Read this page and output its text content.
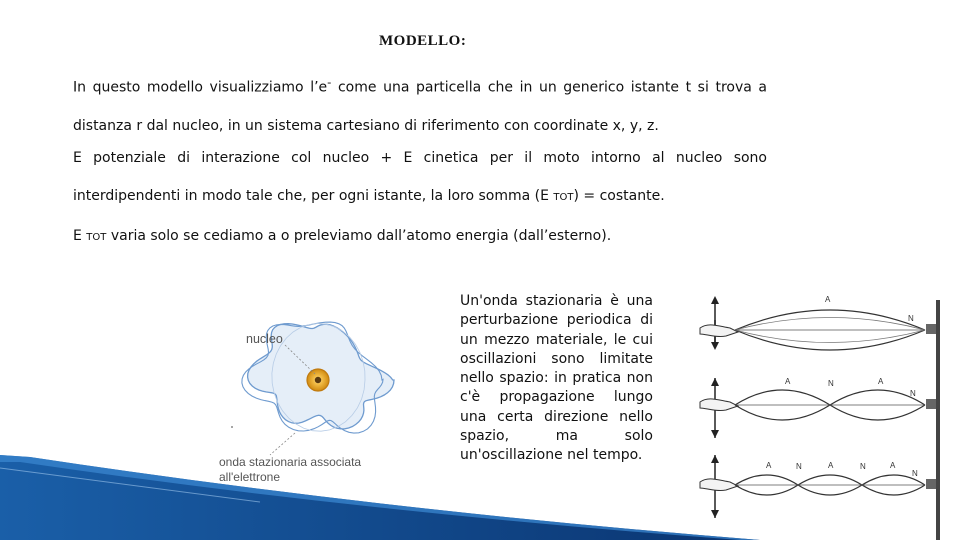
MODELLO:
In questo modello visualizziamo l’e- come una particella che in un generico istante t si trova a distanza r dal nucleo, in un sistema cartesiano di riferimento con coordinate x, y, z.
E potenziale di interazione col nucleo + E cinetica per il moto intorno al nucleo sono interdipendenti in modo tale che, per ogni istante, la loro somma (E TOT) = costante.
E TOT varia solo se cediamo a o preleviamo dall’atomo energia (dall’esterno).
Un'onda stazionaria è una perturbazione periodica di un mezzo materiale, le cui oscillazioni sono limitate nello spazio: in pratica non c'è propagazione lungo una certa direzione nello spazio, ma solo un'oscillazione nel tempo.
nucleo
onda stazionaria associata
all'elettrone
A
N
A	A
N
N
A	A	A
N	N
N
